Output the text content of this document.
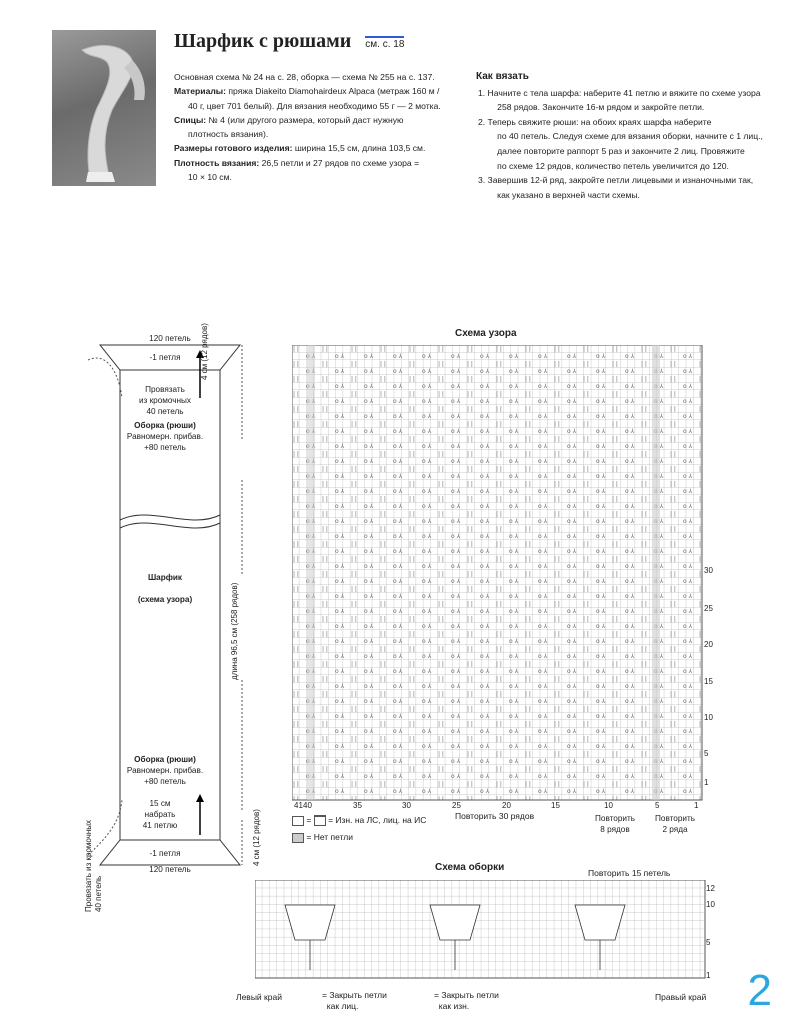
Шарфик с рюшами см. с. 18

Основная схема № 24 на с. 28, оборка — схема № 255 на с. 137.

Материалы: пряжа Diakeito Diamohairdeux Alpaca (метраж 160 м /

40 г, цвет 701 белый). Для вязания необходимо 55 г — 2 мотка.

Спицы: № 4 (или другого размера, который даст нужную

плотность вязания).

Размеры готового изделия: ширина 15,5 см, длина 103,5 см.

Плотность вязания: 26,5 петли и 27 рядов по схеме узора =

10 × 10 см.

Как вязать
1. Начните с тела шарфа: наберите 41 петлю и вяжите по схеме узора
258 рядов. Закончите 16-м рядом и закройте петли.
2. Теперь свяжите рюши: на обоих краях шарфа наберите
по 40 петель. Следуя схеме для вязания оборки, начните с 1 лиц.,
далее повторите раппорт 5 раз и закончите 2 лиц. Провяжите
по схеме 12 рядов, количество петель увеличится до 120.
3. Завершив 12-й ряд, закройте петли лицевыми и изнаночными так,
как указано в верхней части схемы.
120 петель
-1 петля
Провязать
из кромочных
40 петель
Оборка (рюши)
Равномерн. прибав.
+80 петель
Шарфик

(схема узора)
Оборка (рюши)
Равномерн. прибав.
+80 петель
15 см
набрать
41 петлю
-1 петля
120 петель
4 см (12 рядов)
длина 96,5 см (258 рядов)
4 см (12 рядов)
Провязать из кромочных
40 петель
Схема узора
30
25
20
15
10
5
1
41 40	35	30	25	20	15	10	5	1
Повторить 30 рядов	Повторить
8 рядов
Повторить
2 ряда
=  = Изн. на ЛС, лиц. на ИС
= Нет петли
Схема оборки	Повторить 15 петель
12
10
5
1
Левый край	Правый край
= Закрыть петли
как лиц.
= Закрыть петли
как изн.	2
